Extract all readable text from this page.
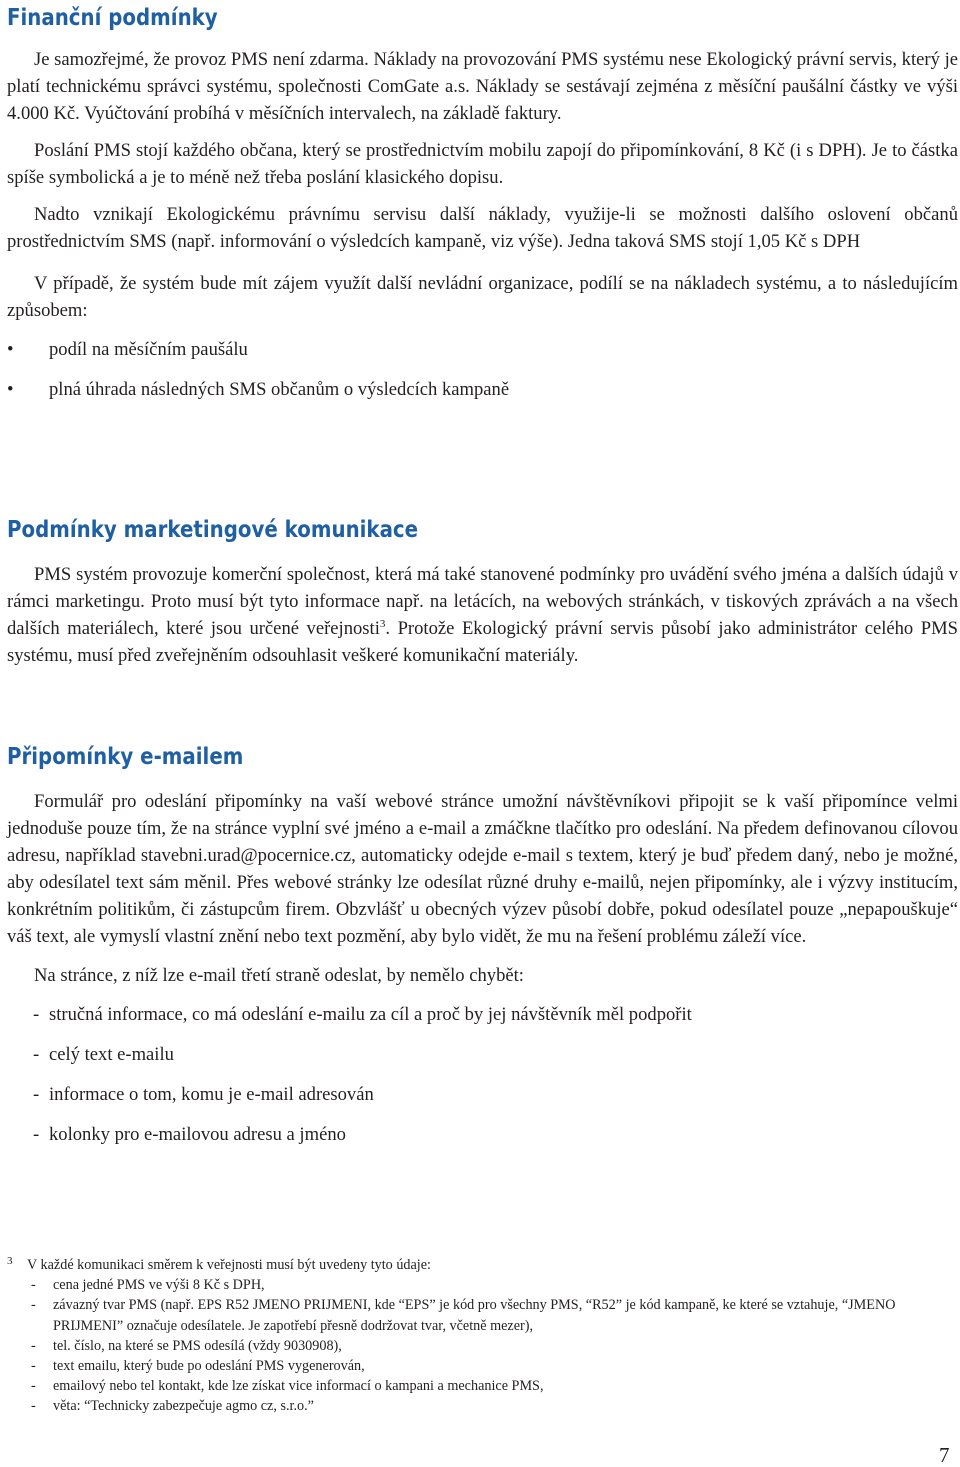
Finanční podmínky

Je samozřejmé, že provoz PMS není zdarma. Náklady na provozování PMS systému nese Ekologický právní servis, který je platí technickému správci systému, společnosti ComGate a.s. Náklady se sestávají zejména z měsíční paušální částky ve výši 4.000 Kč. Vyúčtování probíhá v měsíčních intervalech, na základě faktury.

Poslání PMS stojí každého občana, který se prostřednictvím mobilu zapojí do připomínkování, 8 Kč (i s DPH). Je to částka spíše symbolická a je to méně než třeba poslání klasického dopisu.

Nadto vznikají Ekologickému právnímu servisu další náklady, využije-li se možnosti dalšího oslovení občanů prostřednictvím SMS (např. informování o výsledcích kampaně, viz výše). Jedna taková SMS stojí 1,05 Kč s DPH

V případě, že systém bude mít zájem využít další nevládní organizace, podílí se na nákladech systému, a to následujícím způsobem:

• podíl na měsíčním paušálu
• plná úhrada následných SMS občanům o výsledcích kampaně
Podmínky marketingové komunikace

PMS systém provozuje komerční společnost, která má také stanovené podmínky pro uvádění svého jména a dalších údajů v rámci marketingu. Proto musí být tyto informace např. na letácích, na webových stránkách, v tiskových zprávách a na všech dalších materiálech, které jsou určené veřejnosti$^3$. Protože Ekologický právní servis působí jako administrátor celého PMS systému, musí před zveřejněním odsouhlasit veškeré komunikační materiály.

Připomínky e-mailem

Formulář pro odeslání připomínky na vaší webové stránce umožní návštěvníkovi připojit se k vaší připomínce velmi jednoduše pouze tím, že na stránce vyplní své jméno a e-mail a zmáčkne tlačítko pro odeslání. Na předem definovanou cílovou adresu, například stavebni.urad@pocernice.cz, automaticky odejde e-mail s textem, který je buď předem daný, nebo je možné, aby odesílatel text sám měnil. Přes webové stránky lze odesílat různé druhy e-mailů, nejen připomínky, ale i výzvy institucím, konkrétním politikům, či zástupcům firem. Obzvlášť u obecných výzev působí dobře, pokud odesílatel pouze „nepapouškuje“ váš text, ale vymyslí vlastní znění nebo text pozmění, aby bylo vidět, že mu na řešení problému záleží více.

Na stránce, z níž lze e-mail třetí straně odeslat, by nemělo chybět:

- stručná informace, co má odeslání e-mailu za cíl a proč by jej návštěvník měl podpořit
- celý text e-mailu
- informace o tom, komu je e-mail adresován
- kolonky pro e-mailovou adresu a jméno
3	V každé komunikaci směrem k veřejnosti musí být uvedeny tyto údaje:
- cena jedné PMS ve výši 8 Kč s DPH,
- závazný tvar PMS (např. EPS R52 JMENO PRIJMENI, kde “EPS” je kód pro všechny PMS, “R52” je kód kampaně, ke které se vztahuje, “JMENO PRIJMENI” označuje odesílatele. Je zapotřebí přesně dodržovat tvar, včetně mezer),
- tel. číslo, na které se PMS odesílá (vždy 9030908),
- text emailu, který bude po odeslání PMS vygenerován,
- emailový nebo tel kontakt, kde lze získat vice informací o kampani a mechanice PMS,
- věta: “Technicky zabezpečuje agmo cz, s.r.o.”
7
